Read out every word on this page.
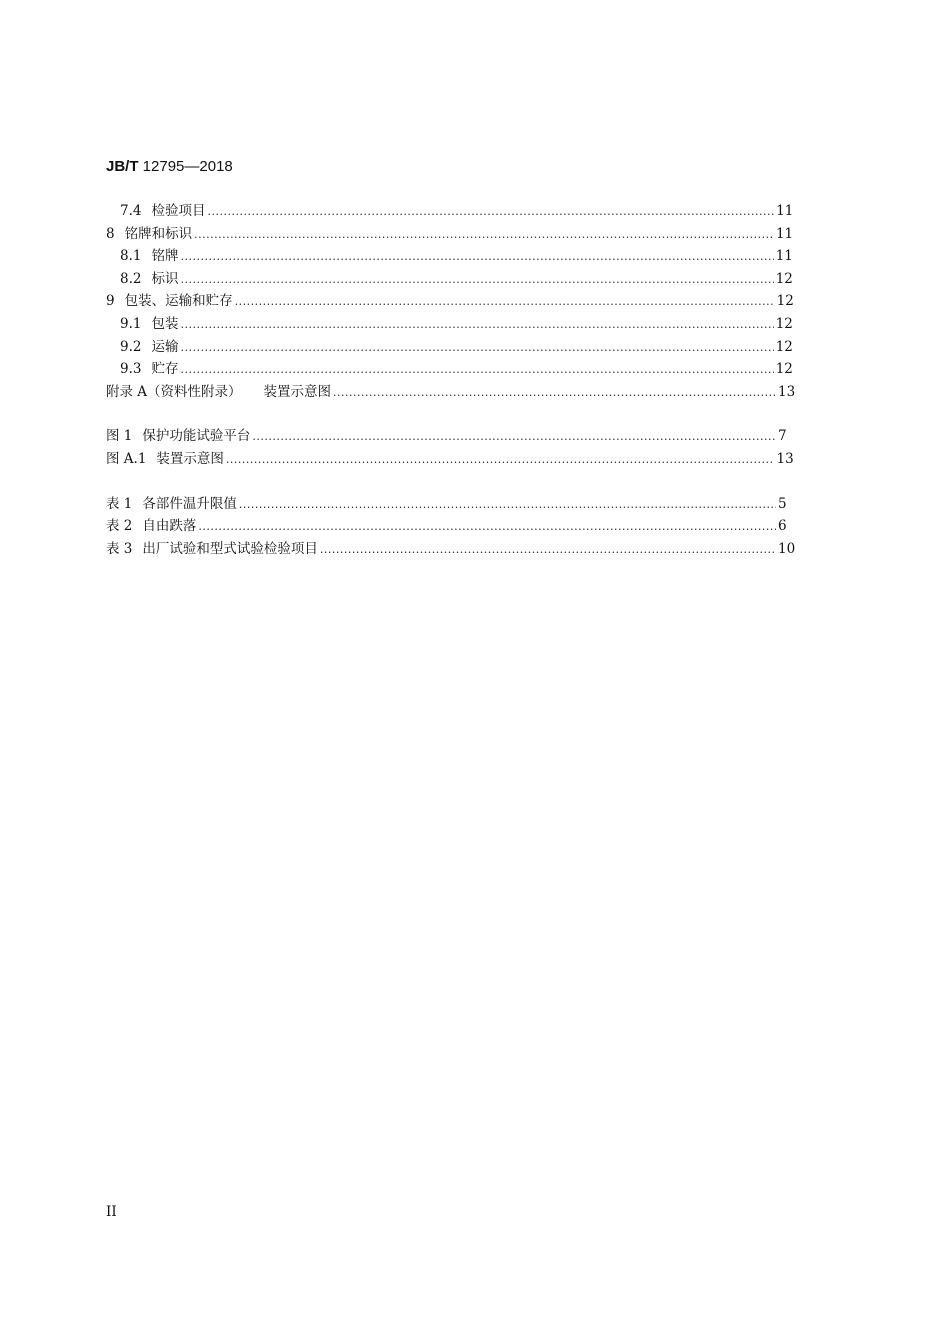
JB/T 12795—2018
7.4 检验项目 .....	11
8 铭牌和标识 .....	11
8.1 铭牌 .....	11
8.2 标识 .....	12
9 包装、运输和贮存 .....	12
9.1 包装 .....	12
9.2 运输 .....	12
9.3 贮存 .....	12
附录 A（资料性附录） 装置示意图 .....	13
图 1 保护功能试验平台 .....	7
图 A.1 装置示意图 .....	13
表 1 各部件温升限值 .....	5
表 2 自由跌落 .....	6
表 3 出厂试验和型式试验检验项目 .....	10
II
